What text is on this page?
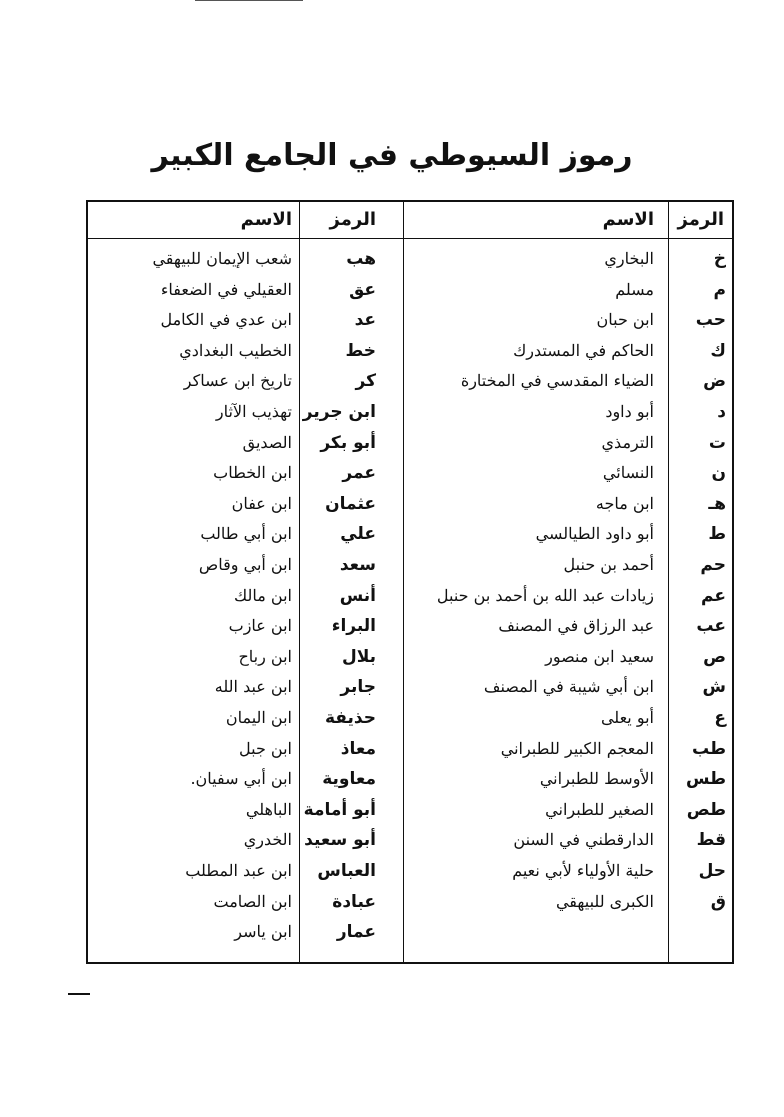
رموز السيوطي في الجامع الكبير
الرمز
الاسم
الرمز
الاسم
خ
البخاري
م
مسلم
حب
ابن حبان
ك
الحاكم في المستدرك
ض
الضياء المقدسي في المختارة
د
أبو داود
ت
الترمذي
ن
النسائي
هـ
ابن ماجه
ط
أبو داود الطيالسي
حم
أحمد بن حنبل
عم
زيادات عبد الله بن أحمد بن حنبل
عب
عبد الرزاق في المصنف
ص
سعيد ابن منصور
ش
ابن أبي شيبة في المصنف
ع
أبو يعلى
طب
المعجم الكبير للطبراني
طس
الأوسط للطبراني
طص
الصغير للطبراني
قط
الدارقطني في السنن
حل
حلية الأولياء لأبي نعيم
ق
الكبرى للبيهقي
هب
شعب الإيمان للبيهقي
عق
العقيلي في الضعفاء
عد
ابن عدي في الكامل
خط
الخطيب البغدادي
كر
تاريخ ابن عساكر
ابن جرير
تهذيب الآثار
أبو بكر
الصديق
عمر
ابن الخطاب
عثمان
ابن عفان
علي
ابن أبي طالب
سعد
ابن أبي وقاص
أنس
ابن مالك
البراء
ابن عازب
بلال
ابن رباح
جابر
ابن عبد الله
حذيفة
ابن اليمان
معاذ
ابن جبل
معاوية
ابن أبي سفيان.
أبو أمامة
الباهلي
أبو سعيد
الخدري
العباس
ابن عبد المطلب
عبادة
ابن الصامت
عمار
ابن ياسر
